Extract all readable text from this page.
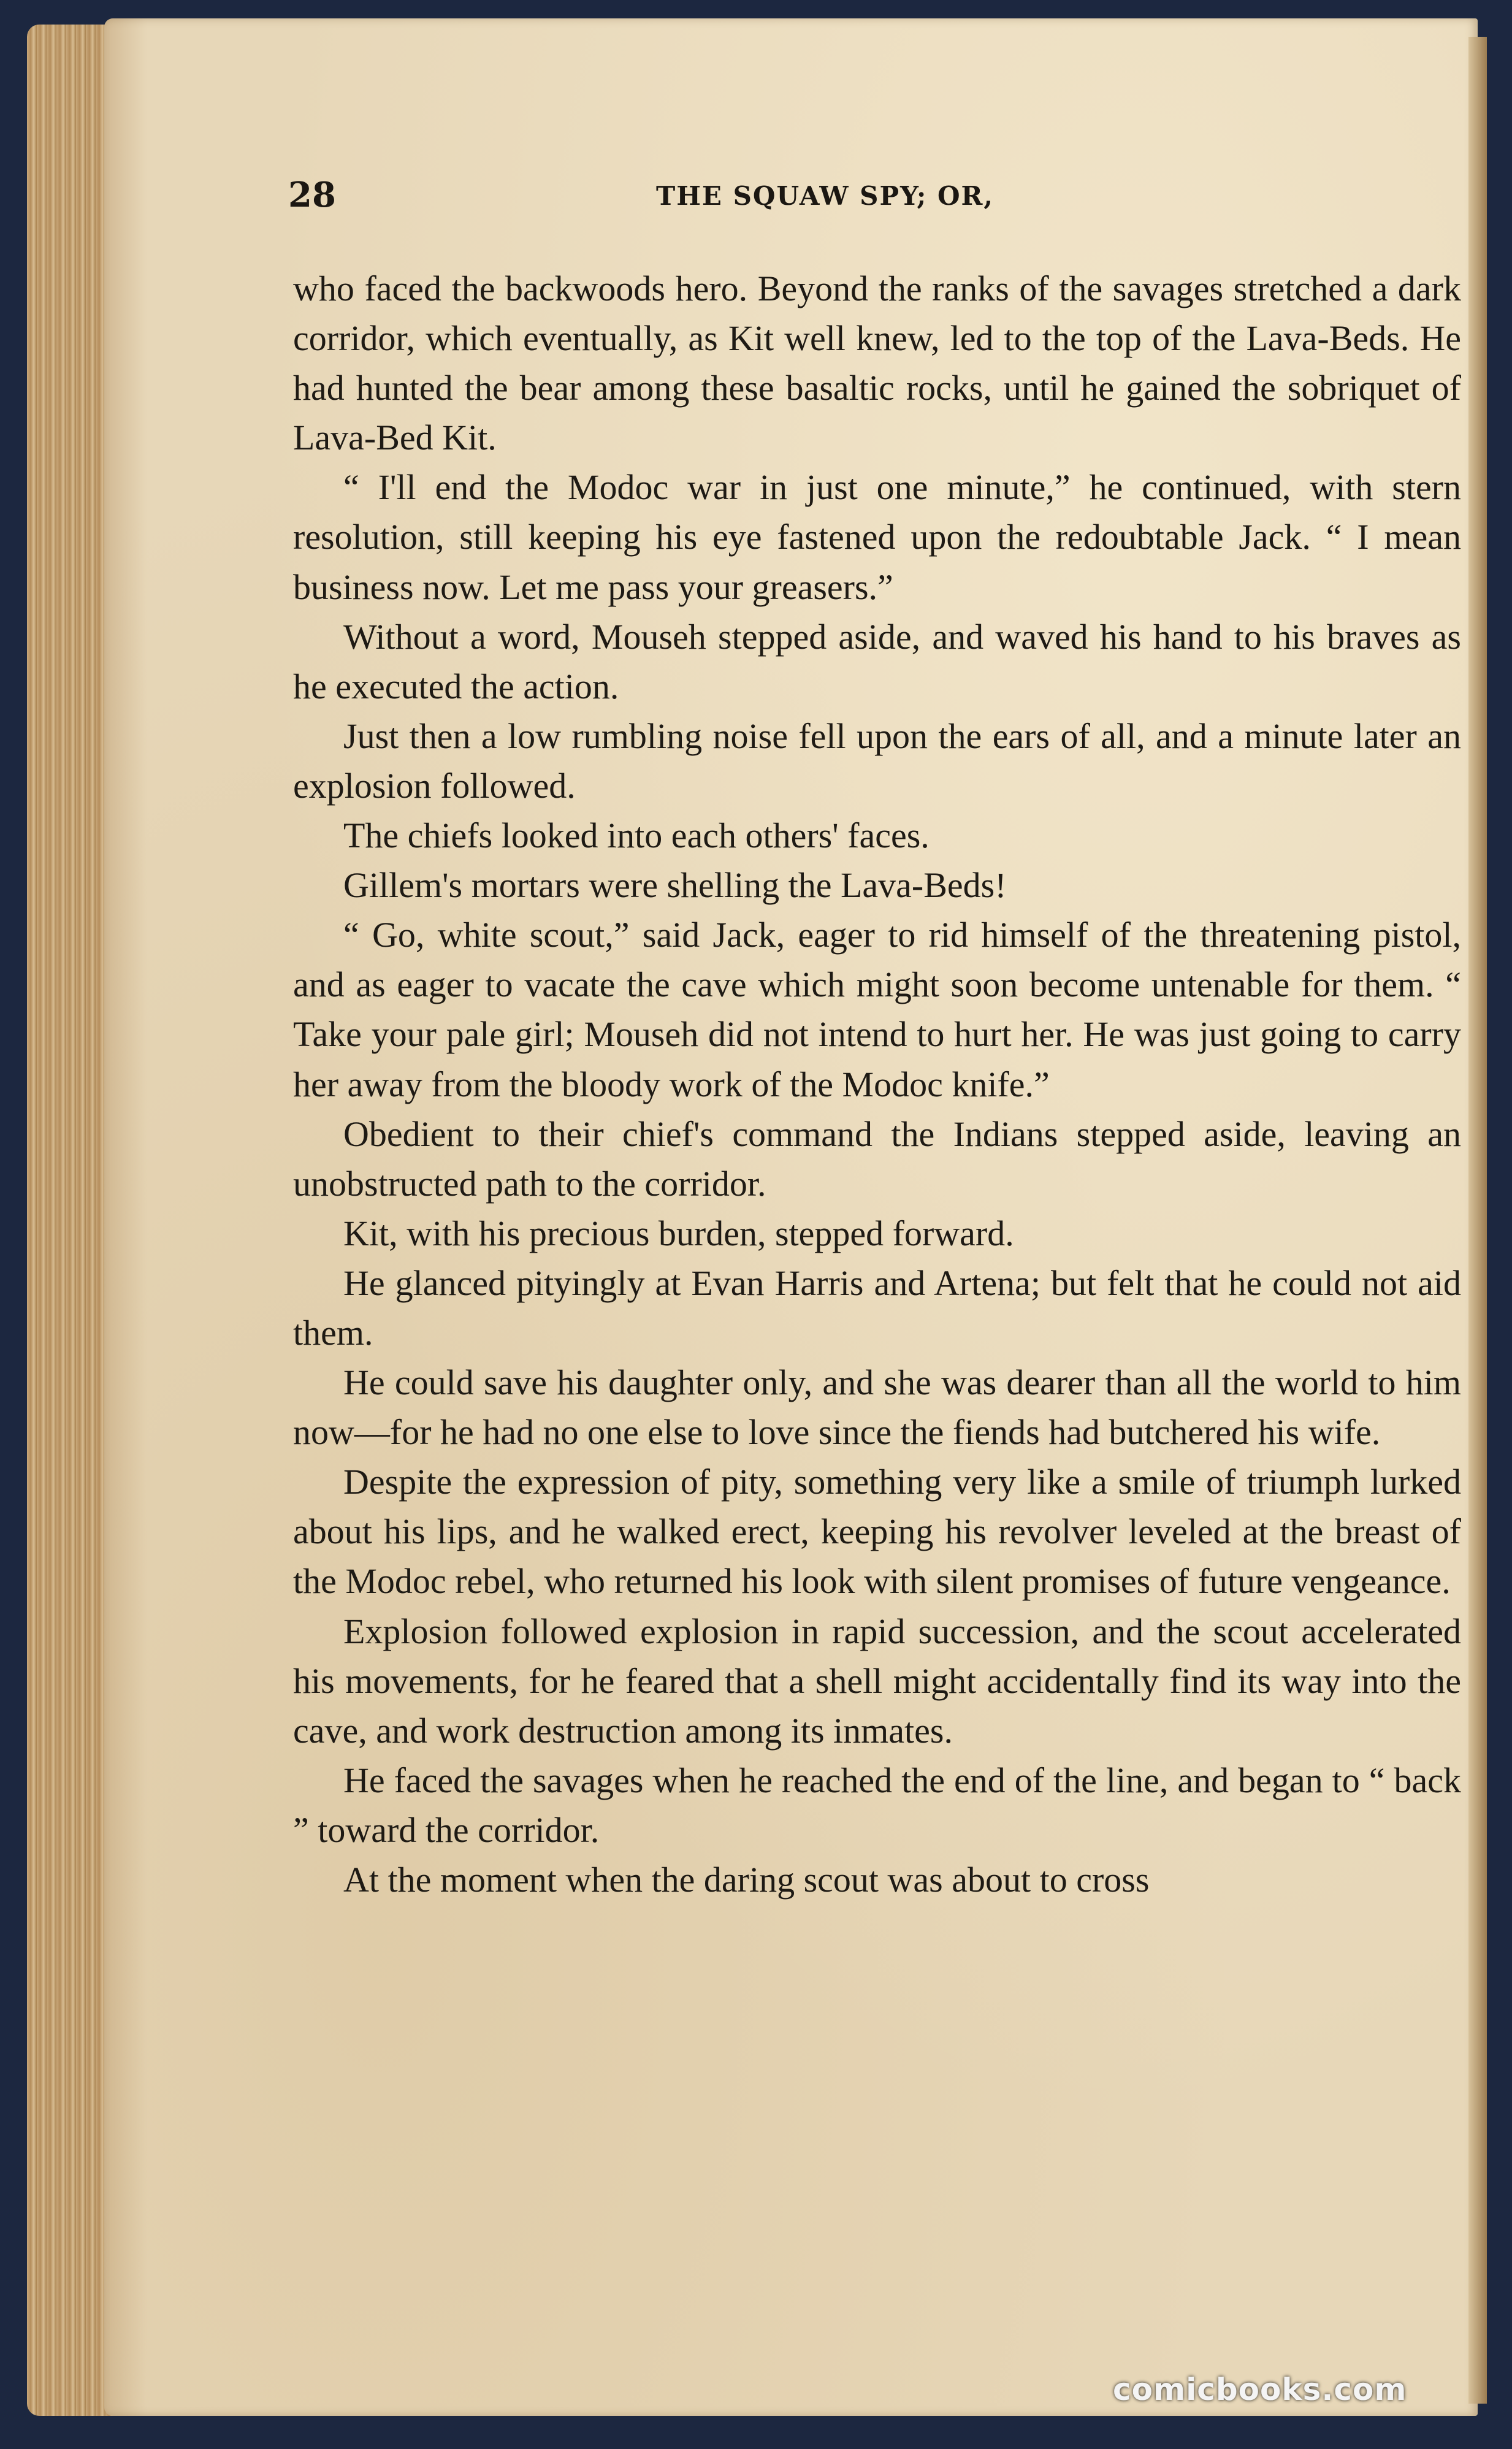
28	THE SQUAW SPY; OR,

who faced the backwoods hero. Beyond the ranks of the savages stretched a dark corridor, which eventually, as Kit well knew, led to the top of the Lava-Beds. He had hunted the bear among these basaltic rocks, until he gained the sobriquet of Lava-Bed Kit.

“ I'll end the Modoc war in just one minute,” he continued, with stern resolution, still keeping his eye fastened upon the redoubtable Jack. “ I mean business now. Let me pass your greasers.”

Without a word, Mouseh stepped aside, and waved his hand to his braves as he executed the action.

Just then a low rumbling noise fell upon the ears of all, and a minute later an explosion followed.

The chiefs looked into each others' faces.

Gillem's mortars were shelling the Lava-Beds!

“ Go, white scout,” said Jack, eager to rid himself of the threatening pistol, and as eager to vacate the cave which might soon become untenable for them. “ Take your pale girl; Mouseh did not intend to hurt her. He was just going to carry her away from the bloody work of the Modoc knife.”

Obedient to their chief's command the Indians stepped aside, leaving an unobstructed path to the corridor.

Kit, with his precious burden, stepped forward.

He glanced pityingly at Evan Harris and Artena; but felt that he could not aid them.

He could save his daughter only, and she was dearer than all the world to him now—for he had no one else to love since the fiends had butchered his wife.

Despite the expression of pity, something very like a smile of triumph lurked about his lips, and he walked erect, keeping his revolver leveled at the breast of the Modoc rebel, who returned his look with silent promises of future vengeance.

Explosion followed explosion in rapid succession, and the scout accelerated his movements, for he feared that a shell might accidentally find its way into the cave, and work destruction among its inmates.

He faced the savages when he reached the end of the line, and began to “ back ” toward the corridor.

At the moment when the daring scout was about to cross

comicbooks.com
